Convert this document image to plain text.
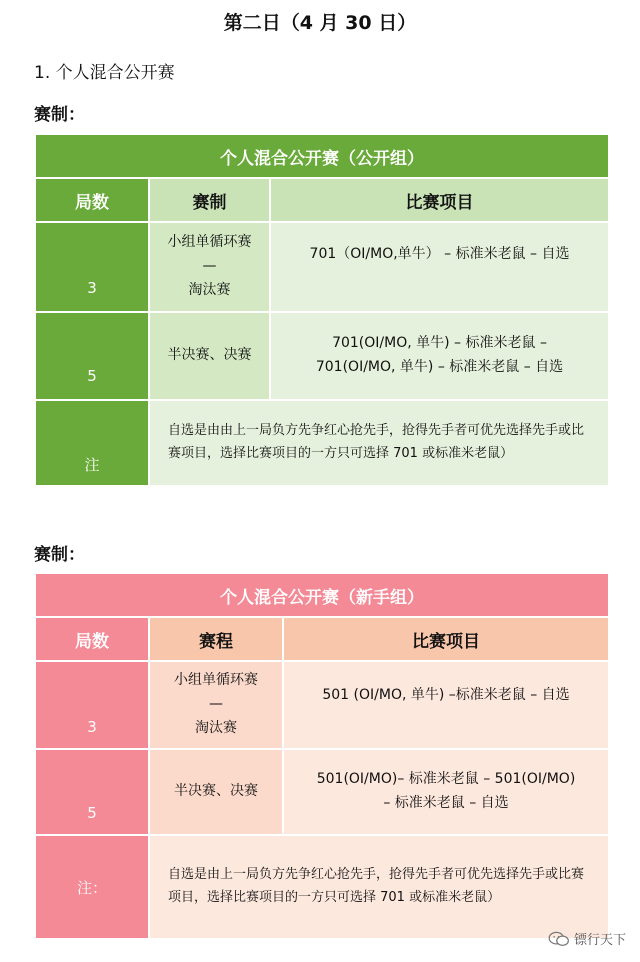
第二日（4 月 30 日）
1. 个人混合公开赛
赛制：
个人混合公开赛（公开组）		
局数	赛制	比赛项目
3	小组单循环赛
—
淘汰赛	701（OI/MO,单牛） – 标准米老鼠 – 自选

5	半决赛、决赛	701(OI/MO, 单牛) – 标准米老鼠 –
701(OI/MO, 单牛) – 标准米老鼠 – 自选

注	自选是由由上一局负方先争红心抢先手，抢得先手者可优先选择先手或比赛项目，选择比赛项目的一方只可选择 701 或标准米老鼠）	
赛制：
个人混合公开赛（新手组）		
局数	赛程	比赛项目
3	小组单循环赛
—
淘汰赛	501 (OI/MO, 单牛) –标准米老鼠 – 自选

5	半决赛、决赛	501(OI/MO)– 标准米老鼠 – 501(OI/MO)
– 标准米老鼠 – 自选

注：	自选是由上一局负方先争红心抢先手，抢得先手者可优先选择先手或比赛项目，选择比赛项目的一方只可选择 701 或标准米老鼠）	
镖行天下
